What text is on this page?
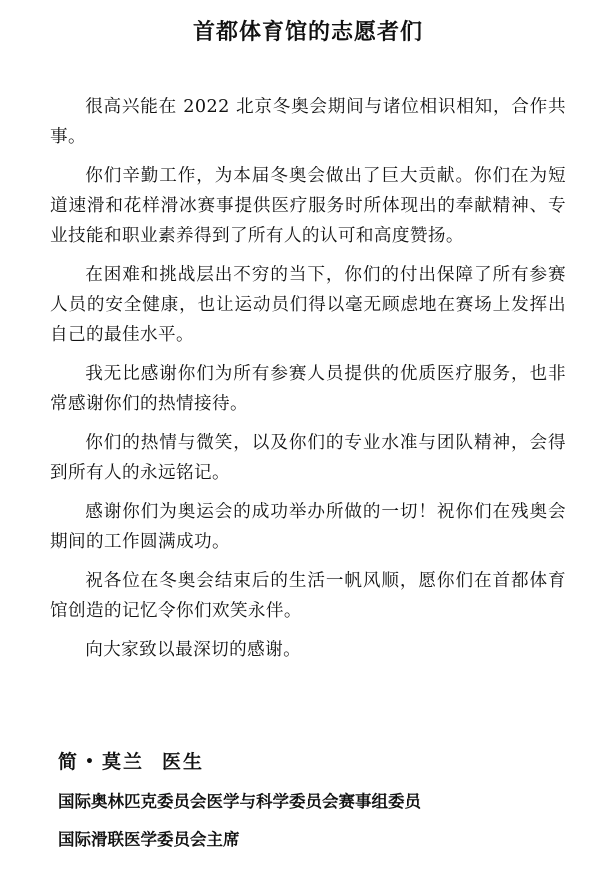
首都体育馆的志愿者们

很高兴能在 2022 北京冬奥会期间与诸位相识相知，合作共事。

你们辛勤工作，为本届冬奥会做出了巨大贡献。你们在为短道速滑和花样滑冰赛事提供医疗服务时所体现出的奉献精神、专业技能和职业素养得到了所有人的认可和高度赞扬。

在困难和挑战层出不穷的当下，你们的付出保障了所有参赛人员的安全健康，也让运动员们得以毫无顾虑地在赛场上发挥出自己的最佳水平。

我无比感谢你们为所有参赛人员提供的优质医疗服务，也非常感谢你们的热情接待。

你们的热情与微笑，以及你们的专业水准与团队精神，会得到所有人的永远铭记。

感谢你们为奥运会的成功举办所做的一切！祝你们在残奥会期间的工作圆满成功。

祝各位在冬奥会结束后的生活一帆风顺，愿你们在首都体育馆创造的记忆令你们欢笑永伴。

向大家致以最深切的感谢。

简 • 莫兰 医生

国际奥林匹克委员会医学与科学委员会赛事组委员

国际滑联医学委员会主席
